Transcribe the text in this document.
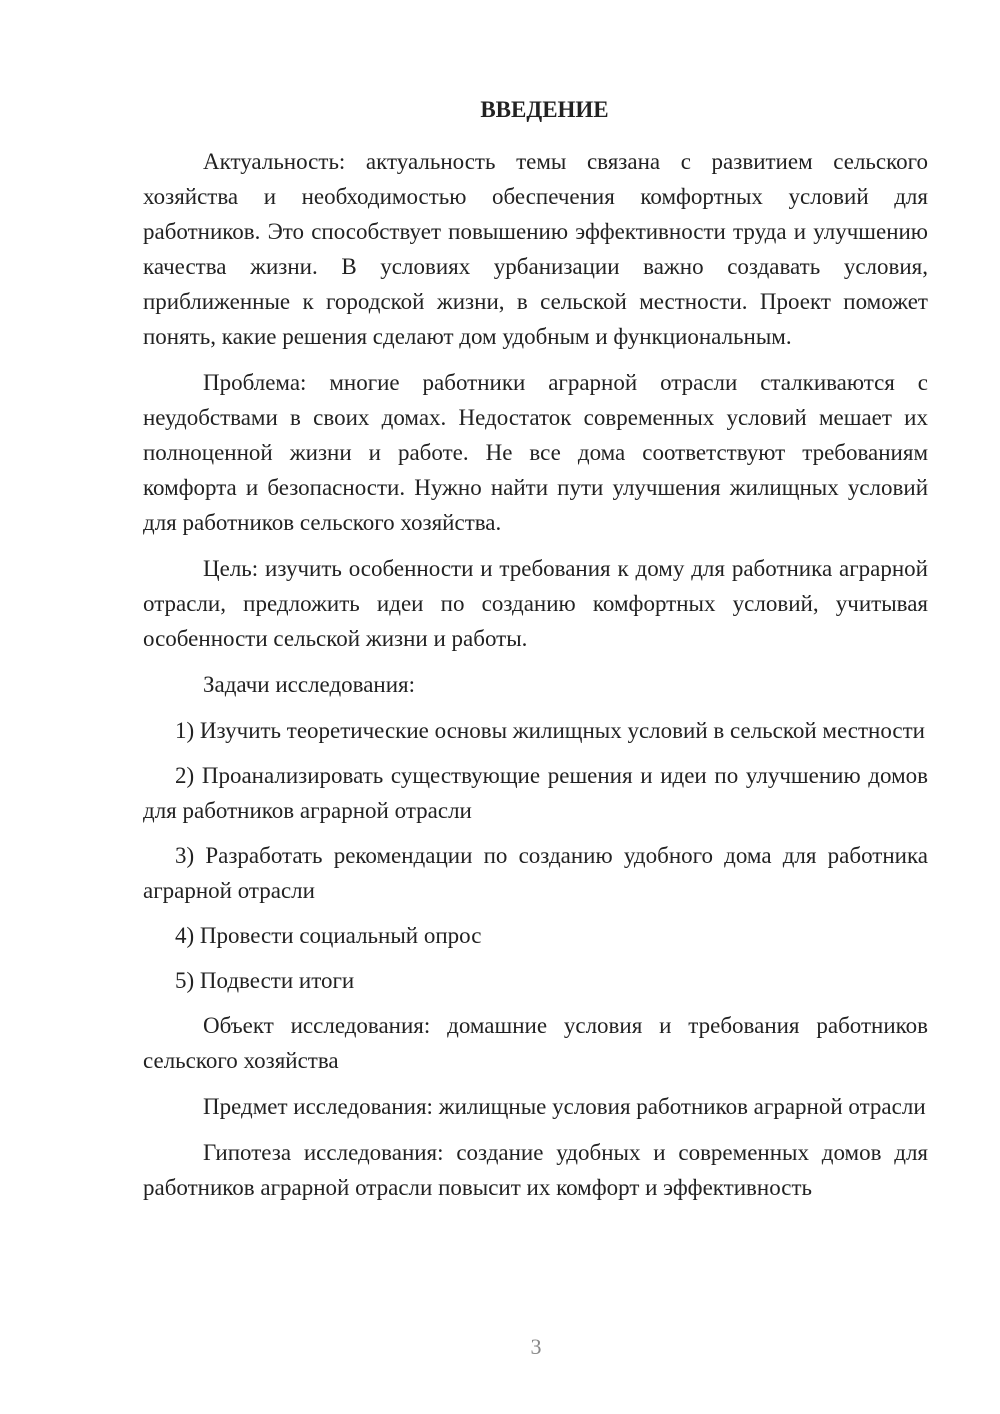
ВВЕДЕНИЕ

Актуальность: актуальность темы связана с развитием сельского хозяйства и необходимостью обеспечения комфортных условий для работников. Это способствует повышению эффективности труда и улучшению качества жизни. В условиях урбанизации важно создавать условия, приближенные к городской жизни, в сельской местности. Проект поможет понять, какие решения сделают дом удобным и функциональным.

Проблема: многие работники аграрной отрасли сталкиваются с неудобствами в своих домах. Недостаток современных условий мешает их полноценной жизни и работе. Не все дома соответствуют требованиям комфорта и безопасности. Нужно найти пути улучшения жилищных условий для работников сельского хозяйства.

Цель: изучить особенности и требования к дому для работника аграрной отрасли, предложить идеи по созданию комфортных условий, учитывая особенности сельской жизни и работы.

Задачи исследования:

1) Изучить теоретические основы жилищных условий в сельской местности

2) Проанализировать существующие решения и идеи по улучшению домов для работников аграрной отрасли

3) Разработать рекомендации по созданию удобного дома для работника аграрной отрасли

4) Провести социальный опрос

5) Подвести итоги

Объект исследования: домашние условия и требования работников сельского хозяйства

Предмет исследования: жилищные условия работников аграрной отрасли

Гипотеза исследования: создание удобных и современных домов для работников аграрной отрасли повысит их комфорт и эффективность

3
